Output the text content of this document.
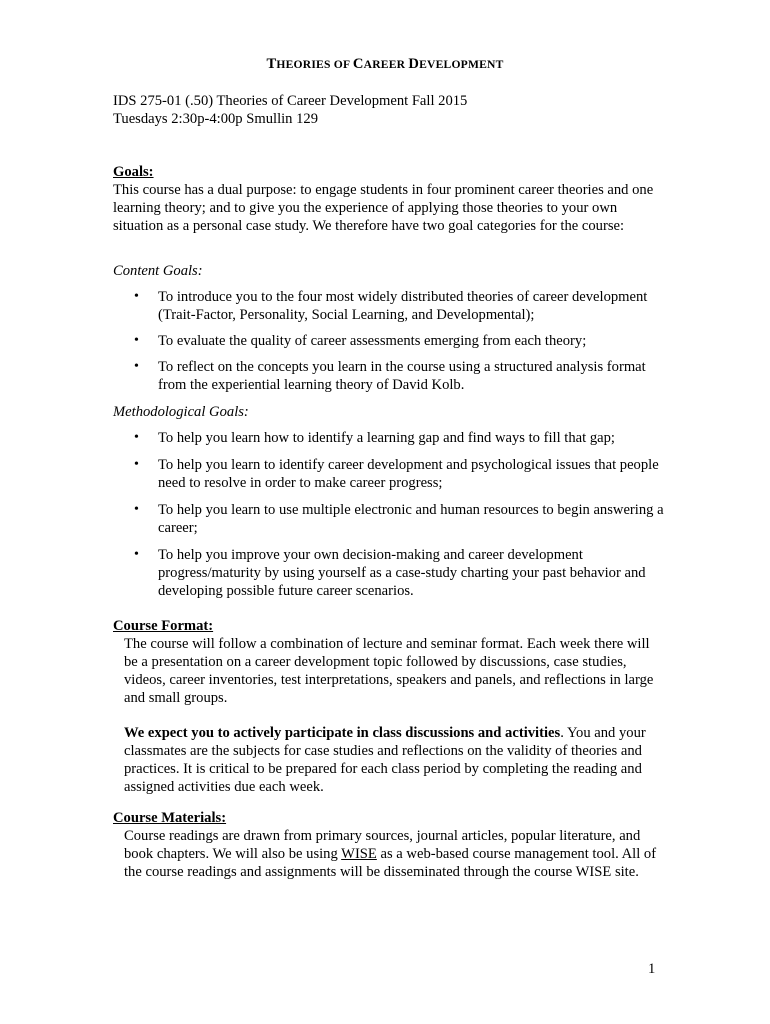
THEORIES OF CAREER DEVELOPMENT
IDS 275-01 (.50) Theories of Career Development Fall 2015
Tuesdays 2:30p-4:00p Smullin 129
Goals:
This course has a dual purpose: to engage students in four prominent career theories and one learning theory; and to give you the experience of applying those theories to your own situation as a personal case study. We therefore have two goal categories for the course:
Content Goals:
• To introduce you to the four most widely distributed theories of career development (Trait-Factor, Personality, Social Learning, and Developmental);
• To evaluate the quality of career assessments emerging from each theory;
• To reflect on the concepts you learn in the course using a structured analysis format from the experiential learning theory of David Kolb.
Methodological Goals:
• To help you learn how to identify a learning gap and find ways to fill that gap;
• To help you learn to identify career development and psychological issues that people need to resolve in order to make career progress;
• To help you learn to use multiple electronic and human resources to begin answering a career;
• To help you improve your own decision-making and career development progress/maturity by using yourself as a case-study charting your past behavior and developing possible future career scenarios.
Course Format:
The course will follow a combination of lecture and seminar format. Each week there will be a presentation on a career development topic followed by discussions, case studies, videos, career inventories, test interpretations, speakers and panels, and reflections in large and small groups.
We expect you to actively participate in class discussions and activities. You and your classmates are the subjects for case studies and reflections on the validity of theories and practices. It is critical to be prepared for each class period by completing the reading and assigned activities due each week.
Course Materials:
Course readings are drawn from primary sources, journal articles, popular literature, and book chapters. We will also be using WISE as a web-based course management tool. All of the course readings and assignments will be disseminated through the course WISE site.
1
